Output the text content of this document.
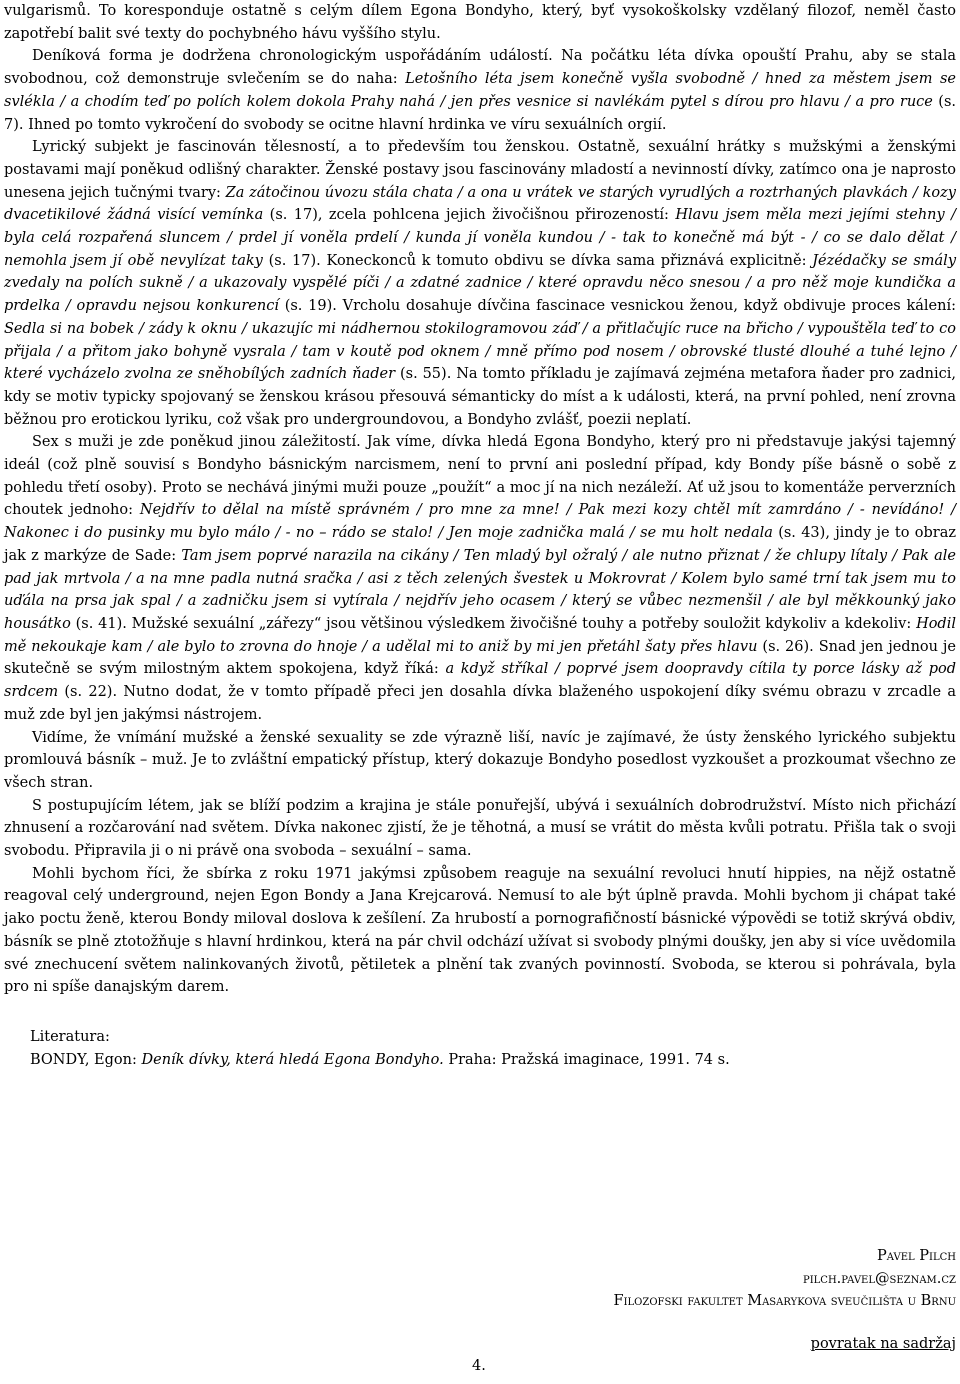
vulgarismů. To koresponduje ostatně s celým dílem Egona Bondyho, který, byť vysokoškolsky vzdělaný filozof, neměl často zapotřebí balit své texty do pochybného hávu vyššího stylu.

Deníková forma je dodržena chronologickým uspořádáním událostí. Na počátku léta dívka opouští Prahu, aby se stala svobodnou, což demonstruje svlečením se do naha: Letošního léta jsem konečně vyšla svobodně / hned za městem jsem se svlékla / a chodím teď po polích kolem dokola Prahy nahá / jen přes vesnice si navlékám pytel s dírou pro hlavu / a pro ruce (s. 7). Ihned po tomto vykročení do svobody se ocitne hlavní hrdinka ve víru sexuálních orgií.

Lyrický subjekt je fascinován tělesností, a to především tou ženskou. Ostatně, sexuální hrátky s mužskými a ženskými postavami mají poněkud odlišný charakter. Ženské postavy jsou fascinovány mladostí a nevinností dívky, zatímco ona je naprosto unesena jejich tučnými tvary: Za zátočinou úvozu stála chata / a ona u vrátek ve starých vyrudlých a roztrhaných plavkách / kozy dvacetikilové žádná visící vemínka (s. 17), zcela pohlcena jejich živočišnou přirozeností: Hlavu jsem měla mezi jejími stehny / byla celá rozpařená sluncem / prdel jí voněla prdelí / kunda jí voněla kundou / - tak to konečně má být - / co se dalo dělat / nemohla jsem jí obě nevylízat taky (s. 17). Koneckonců k tomuto obdivu se dívka sama přiznává explicitně: Jézédačky se smály zvedaly na polích sukně / a ukazovaly vyspělé píči / a zdatné zadnice / které opravdu něco snesou / a pro něž moje kundička a prdelka / opravdu nejsou konkurencí (s. 19). Vrcholu dosahuje dívčina fascinace vesnickou ženou, když obdivuje proces kálení: Sedla si na bobek / zády k oknu / ukazujíc mi nádhernou stokilogramovou záď / a přitlačujíc ruce na břicho / vypouštěla teď to co přijala / a přitom jako bohyně vysrala / tam v koutě pod oknem / mně přímo pod nosem / obrovské tlusté dlouhé a tuhé lejno / které vycházelo zvolna ze sněhobílých zadních ňader (s. 55). Na tomto příkladu je zajímavá zejména metafora ňader pro zadnici, kdy se motiv typicky spojovaný se ženskou krásou přesouvá sémanticky do míst a k události, která, na první pohled, není zrovna běžnou pro erotickou lyriku, což však pro undergroundovou, a Bondyho zvlášť, poezii neplatí.

Sex s muži je zde poněkud jinou záležitostí. Jak víme, dívka hledá Egona Bondyho, který pro ni představuje jakýsi tajemný ideál (což plně souvisí s Bondyho básnickým narcismem, není to první ani poslední případ, kdy Bondy píše básně o sobě z pohledu třetí osoby). Proto se nechává jinými muži pouze „použít“ a moc jí na nich nezáleží. Ať už jsou to komentáže perverzních choutek jednoho: Nejdřív to dělal na místě správném / pro mne za mne! / Pak mezi kozy chtěl mít zamrdáno / - nevídáno! / Nakonec i do pusinky mu bylo málo / - no – rádo se stalo! / Jen moje zadnička malá / se mu holt nedala (s. 43), jindy je to obraz jak z markýze de Sade: Tam jsem poprvé narazila na cikány / Ten mladý byl ožralý / ale nutno přiznat / že chlupy lítaly / Pak ale pad jak mrtvola / a na mne padla nutná sračka / asi z těch zelených švestek u Mokrovrat / Kolem bylo samé trní tak jsem mu to uďála na prsa jak spal / a zadničku jsem si vytírala / nejdřív jeho ocasem / který se vůbec nezmenšil / ale byl měkkounký jako housátko (s. 41). Mužské sexuální „zářezy“ jsou většinou výsledkem živočišné touhy a potřeby souložit kdykoliv a kdekoliv: Hodil mě nekoukaje kam / ale bylo to zrovna do hnoje / a udělal mi to aniž by mi jen přetáhl šaty přes hlavu (s. 26). Snad jen jednou je skutečně se svým milostným aktem spokojena, když říká: a když stříkal / poprvé jsem doopravdy cítila ty porce lásky až pod srdcem (s. 22). Nutno dodat, že v tomto případě přeci jen dosahla dívka blaženého uspokojení díky svému obrazu v zrcadle a muž zde byl jen jakýmsi nástrojem.

Vidíme, že vnímání mužské a ženské sexuality se zde výrazně liší, navíc je zajímavé, že ústy ženského lyrického subjektu promlouvá básník – muž. Je to zvláštní empatický přístup, který dokazuje Bondyho posedlost vyzkoušet a prozkoumat všechno ze všech stran.

S postupujícím létem, jak se blíží podzim a krajina je stále ponuřejší, ubývá i sexuálních dobrodružství. Místo nich přichází zhnusení a rozčarování nad světem. Dívka nakonec zjistí, že je těhotná, a musí se vrátit do města kvůli potratu. Přišla tak o svoji svobodu. Připravila ji o ni právě ona svoboda – sexuální – sama.

Mohli bychom říci, že sbírka z roku 1971 jakýmsi způsobem reaguje na sexuální revoluci hnutí hippies, na nějž ostatně reagoval celý underground, nejen Egon Bondy a Jana Krejcarová. Nemusí to ale být úplně pravda. Mohli bychom ji chápat také jako poctu ženě, kterou Bondy miloval doslova k zešílení. Za hrubostí a pornografičností básnické výpovědi se totiž skrývá obdiv, básník se plně ztotožňuje s hlavní hrdinkou, která na pár chvil odchází užívat si svobody plnými doušky, jen aby si více uvědomila své znechucení světem nalinkovaných životů, pětiletek a plnění tak zvaných povinností. Svoboda, se kterou si pohrávala, byla pro ni spíše danajským darem.

Literatura:
BONDY, Egon: Deník dívky, která hledá Egona Bondyho. Praha: Pražská imaginace, 1991. 74 s.
Pavel Pilch
pilch.pavel@seznam.cz
Filozofski fakultet Masarykova sveučilišta u Brnu
povratak na sadržaj
4.
